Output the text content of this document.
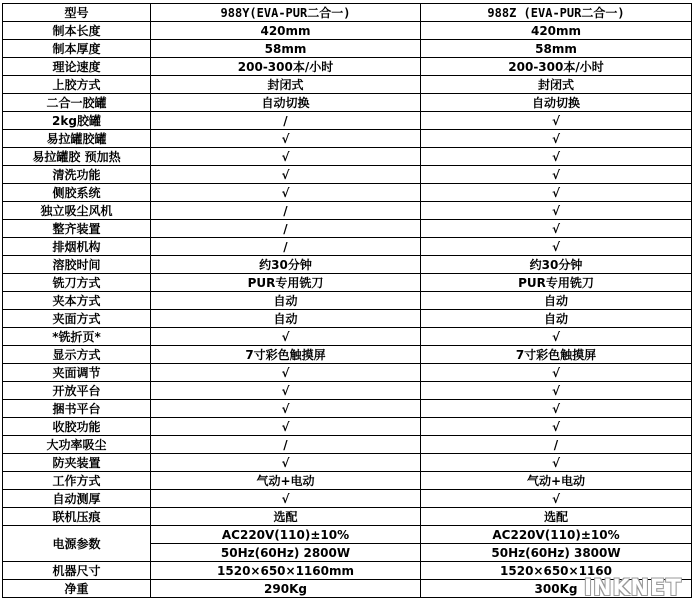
型号	988Y(EVA-PUR二合一)	988Z (EVA-PUR二合一)
制本长度	420mm	420mm
制本厚度	58mm	58mm
理论速度	200-300本/小时	200-300本/小时
上胶方式	封闭式	封闭式
二合一胶罐	自动切换	自动切换
2kg胶罐	/	√
易拉罐胶罐	√	√
易拉罐胶 预加热	√	√
清洗功能	√	√
侧胶系统	√	√
独立吸尘风机	/	√
整齐装置	/	√
排烟机构	/	√
溶胶时间	约30分钟	约30分钟
铣刀方式	PUR专用铣刀	PUR专用铣刀
夹本方式	自动	自动
夹面方式	自动	自动
*铣折页*	√	√
显示方式	7寸彩色触摸屏	7寸彩色触摸屏
夹面调节	√	√
开放平台	√	√
捆书平台	√	√
收胶功能	√	√
大功率吸尘	/	/
防夹装置	√	√
工作方式	气动+电动	气动+电动
自动测厚	√	√
联机压痕	选配	选配
电源参数	AC220V(110)±10%	AC220V(110)±10%
	50Hz(60Hz) 2800W	50Hz(60Hz) 3800W
机器尺寸	1520×650×1160mm	1520×650×1160
净重	290Kg	300Kg INKNET
